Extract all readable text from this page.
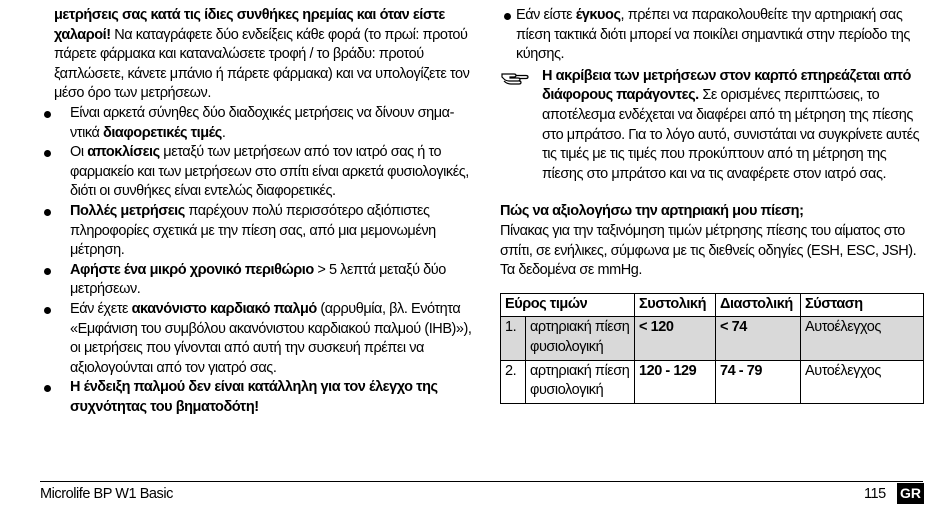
μετρήσεις σας κατά τις ίδιες συνθήκες ηρεμίας και όταν είστε χαλαροί! Να καταγράφετε δύο ενδείξεις κάθε φορά (το πρωί: προτού πάρετε φάρμακα και καταναλώσετε τροφή / το βράδυ: προτού ξαπλώσετε, κάνετε μπάνιο ή πάρετε φάρμακα) και να υπολογίζετε τον μέσο όρο των μετρήσεων.

Είναι αρκετά σύνηθες δύο διαδοχικές μετρήσεις να δίνουν σημαντικά διαφορετικές τιμές.

Οι αποκλίσεις μεταξύ των μετρήσεων από τον ιατρό σας ή το φαρμακείο και των μετρήσεων στο σπίτι είναι αρκετά φυσιολογικές, διότι οι συνθήκες είναι εντελώς διαφορετικές.

Πολλές μετρήσεις παρέχουν πολύ περισσότερο αξιόπιστες πληροφορίες σχετικά με την πίεση σας, από μια μεμονωμένη μέτρηση.

Αφήστε ένα μικρό χρονικό περιθώριο > 5 λεπτά μεταξύ δύο μετρήσεων.

Εάν έχετε ακανόνιστο καρδιακό παλμό (αρρυθμία, βλ. Ενότητα «Εμφάνιση του συμβόλου ακανόνιστου καρδιακού παλμού (IHB)»), οι μετρήσεις που γίνονται από αυτή την συσκευή πρέπει να αξιολογούνται από τον γιατρό σας.

Η ένδειξη παλμού δεν είναι κατάλληλη για τον έλεγχο της συχνότητας του βηματοδότη!

Εάν είστε έγκυος, πρέπει να παρακολουθείτε την αρτηριακή σας πίεση τακτικά διότι μπορεί να ποικίλει σημαντικά στην περίοδο της κύησης.

Η ακρίβεια των μετρήσεων στον καρπό επηρεάζεται από διάφορους παράγοντες. Σε ορισμένες περιπτώσεις, το αποτέλεσμα ενδέχεται να διαφέρει από τη μέτρηση της πίεσης στο μπράτσο. Για το λόγο αυτό, συνιστάται να συγκρίνετε αυτές τις τιμές με τις τιμές που προκύπτουν από τη μέτρηση της πίεσης στο μπράτσο και να τις αναφέρετε στον ιατρό σας.

Πώς να αξιολογήσω την αρτηριακή μου πίεση;

Πίνακας για την ταξινόμηση τιμών μέτρησης πίεσης του αίματος στο σπίτι, σε ενήλικες, σύμφωνα με τις διεθνείς οδηγίες (ESH, ESC, JSH). Τα δεδομένα σε mmHg.

Εύρος τιμών		Συστολική	Διαστολική	Σύσταση
1.	αρτηριακή πίεση φυσιολογική	< 120	< 74	Αυτοέλεγχος
2.	αρτηριακή πίεση φυσιολογική	120 - 129	74 - 79	Αυτοέλεγχος
Microlife BP W1 Basic	115 GR
